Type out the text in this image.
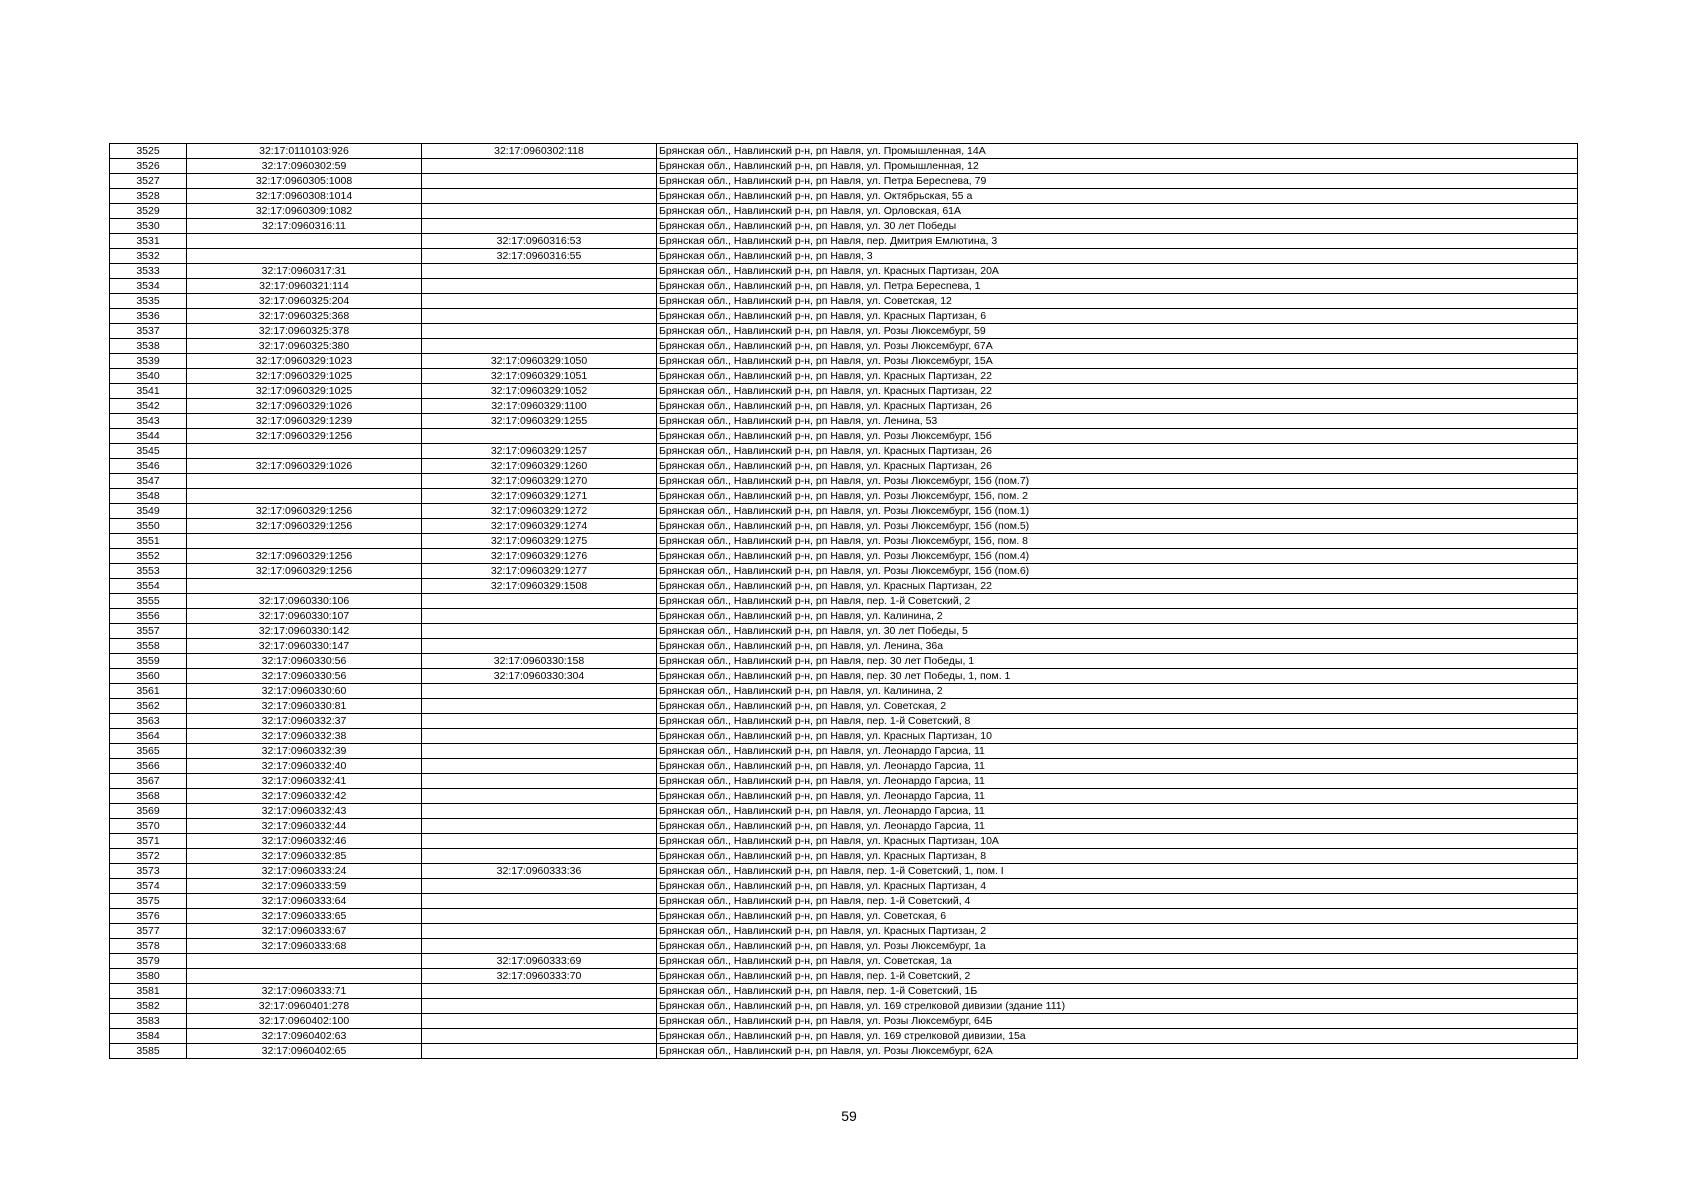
3525	32:17:0110103:926	32:17:0960302:118	Брянская обл., Навлинский р-н, рп Навля, ул. Промышленная, 14А
3526	32:17:0960302:59		Брянская обл., Навлинский р-н, рп Навля, ул. Промышленная, 12
3527	32:17:0960305:1008		Брянская обл., Навлинский р-н, рп Навля, ул. Петра Бересnева, 79
3528	32:17:0960308:1014		Брянская обл., Навлинский р-н, рп Навля, ул. Октябрьская, 55 а
3529	32:17:0960309:1082		Брянская обл., Навлинский р-н, рп Навля, ул. Орловская, 61А
3530	32:17:0960316:11		Брянская обл., Навлинский р-н, рп Навля, ул. 30 лет Победы
3531		32:17:0960316:53	Брянская обл., Навлинский р-н, рп Навля, пер. Дмитрия Емлютина, 3
3532		32:17:0960316:55	Брянская обл., Навлинский р-н, рп Навля, 3
3533	32:17:0960317:31		Брянская обл., Навлинский р-н, рп Навля, ул. Красных Партизан, 20А
3534	32:17:0960321:114		Брянская обл., Навлинский р-н, рп Навля, ул. Петра Бересnева, 1
3535	32:17:0960325:204		Брянская обл., Навлинский р-н, рп Навля, ул. Советская, 12
3536	32:17:0960325:368		Брянская обл., Навлинский р-н, рп Навля, ул. Красных Партизан, 6
3537	32:17:0960325:378		Брянская обл., Навлинский р-н, рп Навля, ул. Розы Люксембург, 59
3538	32:17:0960325:380		Брянская обл., Навлинский р-н, рп Навля, ул. Розы Люксембург, 67А
3539	32:17:0960329:1023	32:17:0960329:1050	Брянская обл., Навлинский р-н, рп Навля, ул. Розы Люксембург, 15А
3540	32:17:0960329:1025	32:17:0960329:1051	Брянская обл., Навлинский р-н, рп Навля, ул. Красных Партизан, 22
3541	32:17:0960329:1025	32:17:0960329:1052	Брянская обл., Навлинский р-н, рп Навля, ул. Красных Партизан, 22
3542	32:17:0960329:1026	32:17:0960329:1100	Брянская обл., Навлинский р-н, рп Навля, ул. Красных Партизан, 26
3543	32:17:0960329:1239	32:17:0960329:1255	Брянская обл., Навлинский р-н, рп Навля, ул. Ленина, 53
3544	32:17:0960329:1256		Брянская обл., Навлинский р-н, рп Навля, ул. Розы Люксембург, 15б
3545		32:17:0960329:1257	Брянская обл., Навлинский р-н, рп Навля, ул. Красных Партизан, 26
3546	32:17:0960329:1026	32:17:0960329:1260	Брянская обл., Навлинский р-н, рп Навля, ул. Красных Партизан, 26
3547		32:17:0960329:1270	Брянская обл., Навлинский р-н, рп Навля, ул. Розы Люксембург, 15б (пом.7)
3548		32:17:0960329:1271	Брянская обл., Навлинский р-н, рп Навля, ул. Розы Люксембург, 15б, пом. 2
3549	32:17:0960329:1256	32:17:0960329:1272	Брянская обл., Навлинский р-н, рп Навля, ул. Розы Люксембург, 15б (пом.1)
3550	32:17:0960329:1256	32:17:0960329:1274	Брянская обл., Навлинский р-н, рп Навля, ул. Розы Люксембург, 15б (пом.5)
3551		32:17:0960329:1275	Брянская обл., Навлинский р-н, рп Навля, ул. Розы Люксембург, 15б, пом. 8
3552	32:17:0960329:1256	32:17:0960329:1276	Брянская обл., Навлинский р-н, рп Навля, ул. Розы Люксембург, 15б (пом.4)
3553	32:17:0960329:1256	32:17:0960329:1277	Брянская обл., Навлинский р-н, рп Навля, ул. Розы Люксембург, 15б (пом.6)
3554		32:17:0960329:1508	Брянская обл., Навлинский р-н, рп Навля, ул. Красных Партизан, 22
3555	32:17:0960330:106		Брянская обл., Навлинский р-н, рп Навля, пер. 1-й Советский, 2
3556	32:17:0960330:107		Брянская обл., Навлинский р-н, рп Навля, ул. Калинина, 2
3557	32:17:0960330:142		Брянская обл., Навлинский р-н, рп Навля, ул. 30 лет Победы, 5
3558	32:17:0960330:147		Брянская обл., Навлинский р-н, рп Навля, ул. Ленина, 36а
3559	32:17:0960330:56	32:17:0960330:158	Брянская обл., Навлинский р-н, рп Навля, пер. 30 лет Победы, 1
3560	32:17:0960330:56	32:17:0960330:304	Брянская обл., Навлинский р-н, рп Навля, пер. 30 лет Победы, 1, пом. 1
3561	32:17:0960330:60		Брянская обл., Навлинский р-н, рп Навля, ул. Калинина, 2
3562	32:17:0960330:81		Брянская обл., Навлинский р-н, рп Навля, ул. Советская, 2
3563	32:17:0960332:37		Брянская обл., Навлинский р-н, рп Навля, пер. 1-й Советский, 8
3564	32:17:0960332:38		Брянская обл., Навлинский р-н, рп Навля, ул. Красных Партизан, 10
3565	32:17:0960332:39		Брянская обл., Навлинский р-н, рп Навля, ул. Леонардо Гарсиа, 11
3566	32:17:0960332:40		Брянская обл., Навлинский р-н, рп Навля, ул. Леонардо Гарсиа, 11
3567	32:17:0960332:41		Брянская обл., Навлинский р-н, рп Навля, ул. Леонардо Гарсиа, 11
3568	32:17:0960332:42		Брянская обл., Навлинский р-н, рп Навля, ул. Леонардо Гарсиа, 11
3569	32:17:0960332:43		Брянская обл., Навлинский р-н, рп Навля, ул. Леонардо Гарсиа, 11
3570	32:17:0960332:44		Брянская обл., Навлинский р-н, рп Навля, ул. Леонардо Гарсиа, 11
3571	32:17:0960332:46		Брянская обл., Навлинский р-н, рп Навля, ул. Красных Партизан, 10А
3572	32:17:0960332:85		Брянская обл., Навлинский р-н, рп Навля, ул. Красных Партизан, 8
3573	32:17:0960333:24	32:17:0960333:36	Брянская обл., Навлинский р-н, рп Навля, пер. 1-й Советский, 1, пом. I
3574	32:17:0960333:59		Брянская обл., Навлинский р-н, рп Навля, ул. Красных Партизан, 4
3575	32:17:0960333:64		Брянская обл., Навлинский р-н, рп Навля, пер. 1-й Советский, 4
3576	32:17:0960333:65		Брянская обл., Навлинский р-н, рп Навля, ул. Советская, 6
3577	32:17:0960333:67		Брянская обл., Навлинский р-н, рп Навля, ул. Красных Партизан, 2
3578	32:17:0960333:68		Брянская обл., Навлинский р-н, рп Навля, ул. Розы Люксембург, 1а
3579		32:17:0960333:69	Брянская обл., Навлинский р-н, рп Навля, ул. Советская, 1а
3580		32:17:0960333:70	Брянская обл., Навлинский р-н, рп Навля, пер. 1-й Советский, 2
3581	32:17:0960333:71		Брянская обл., Навлинский р-н, рп Навля, пер. 1-й Советский, 1Б
3582	32:17:0960401:278		Брянская обл., Навлинский р-н, рп Навля, ул. 169 стрелковой дивизии (здание 111)
3583	32:17:0960402:100		Брянская обл., Навлинский р-н, рп Навля, ул. Розы Люксембург, 64Б
3584	32:17:0960402:63		Брянская обл., Навлинский р-н, рп Навля, ул. 169 стрелковой дивизии, 15а
3585	32:17:0960402:65		Брянская обл., Навлинский р-н, рп Навля, ул. Розы Люксембург, 62А
59
